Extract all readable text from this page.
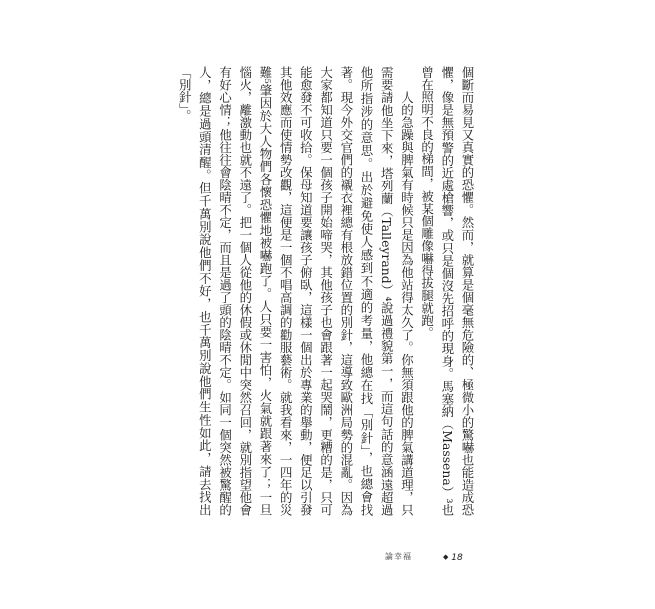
個斷而易見又真實的恐懼。然而，就算是個毫無危險的、極微小的驚嚇也能造成恐懼，像是無預警的近處槍響，或只是個沒先招呼的現身。馬塞納（Massena）³也曾在照明不良的梯間，被某個雕像嚇得拔腿就跑。

人的急躁與脾氣有時候只是因為他站得太久了。你無須跟他的脾氣講道理，只需要請他坐下來，塔列蘭（Talleyrand）⁴說過禮貌第一，而這句話的意涵遠超過他所指涉的意思。出於避免使人感到不適的考量，他總在找「別針」，也總會找著。現今外交官們的襯衣裡總有根放錯位置的別針，這導致歐洲局勢的混亂。因為大家都知道只要一個孩子開始啼哭，其他孩子也會跟著一起哭鬧，更糟的是，只可能愈發不可收拾。保母知道要讓孩子俯臥，這樣一個出於專業的舉動，便足以引發其他效應而使情勢改觀，這便是一個不唱高調的勸服藝術。就我看來，一四年的災難⁵肇因於大人物們各懷恐懼地被嚇跑了。人只要一害怕，火氣就跟著來了；一旦惱火，離激動也就不遠了。把一個人從他的休假或休閒中突然召回，就別指望他會有好心情；他往往會陰晴不定，而且是過了頭的陰晴不定。如同一個突然被驚醒的人，總是過頭清醒。但千萬別說他們不好，也千萬別說他們生性如此，請去找出「別針」。

論幸福	◆ 18
